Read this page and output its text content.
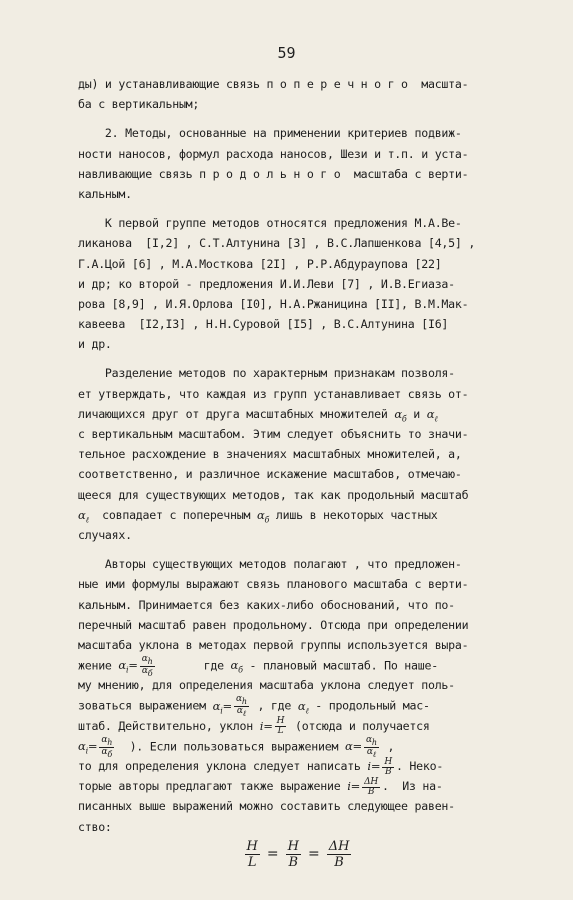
59
ды) и устанавливающие связь п о п е р е ч н о г о  масшта-
ба с вертикальным;
2. Методы, основанные на применении критериев подвиж-
ности наносов, формул расхода наносов, Шези и т.п. и уста-
навливающие связь п р о д о л ь н о г о  масштаба с верти-
кальным.
К первой группе методов относятся предложения М.А.Ве-
ликанова  [I,2] , С.Т.Алтунина [3] , В.С.Лапшенкова [4,5] ,
Г.А.Цой [6] , М.А.Мосткова [2I] , Р.Р.Абдураупова [22]
и др; ко второй - предложения И.И.Леви [7] , И.В.Егиаза-
рова [8,9] , И.Я.Орлова [I0], Н.А.Ржаницина [II], В.М.Мак-
кавеева  [I2,I3] , Н.Н.Суровой [I5] , В.С.Алтунина [I6]
и др.
Разделение методов по характерным признакам позволя-
ет утверждать, что каждая из групп устанавливает связь от-
личающихся друг от друга масштабных множителей $\alpha_б$ и $\alpha_\ell$
с вертикальным масштабом. Этим следует объяснить то значи-
тельное расхождение в значениях масштабных множителей, а,
соответственно, и различное искажение масштабов, отмечаю-
щееся для существующих методов, так как продольный масштаб
$\alpha_\ell$  совпадает с поперечным $\alpha_б$ лишь в некоторых частных
случаях.
Авторы существующих методов полагают , что предложен-
ные ими формулы выражают связь планового масштаба с верти-
кальным. Принимается без каких-либо обоснований, что по-
перечный масштаб равен продольному. Отсюда при определении
масштаба уклона в методах первой группы используется выра-
жение $\alpha_i= \frac{\alpha_h}{\alpha_б}$ где $\alpha_б$ - плановый масштаб. По наше-
му мнению, для определения масштаба уклона следует поль-
зоваться выражением $\alpha_i= \frac{\alpha_h}{\alpha_\ell}$ , где $\alpha_\ell$ - продольный мас-
штаб. Действительно, уклон $i= \frac{H}{L}$ (отсюда и получается
$\alpha_i= \frac{\alpha_h}{\alpha_б}$ ). Если пользоваться выражением $\alpha= \frac{\alpha_h}{\alpha_\ell}$ ,
то для определения уклона следует написать $i= \frac{H}{B}$ . Неко-
торые авторы предлагают также выражение $i= \frac{\Delta H}{B}$ .  Из на-
писанных выше выражений можно составить следующее равен-
ство:
$\frac{H}{L} = \frac{H}{B} = \frac{\Delta H}{B}$
